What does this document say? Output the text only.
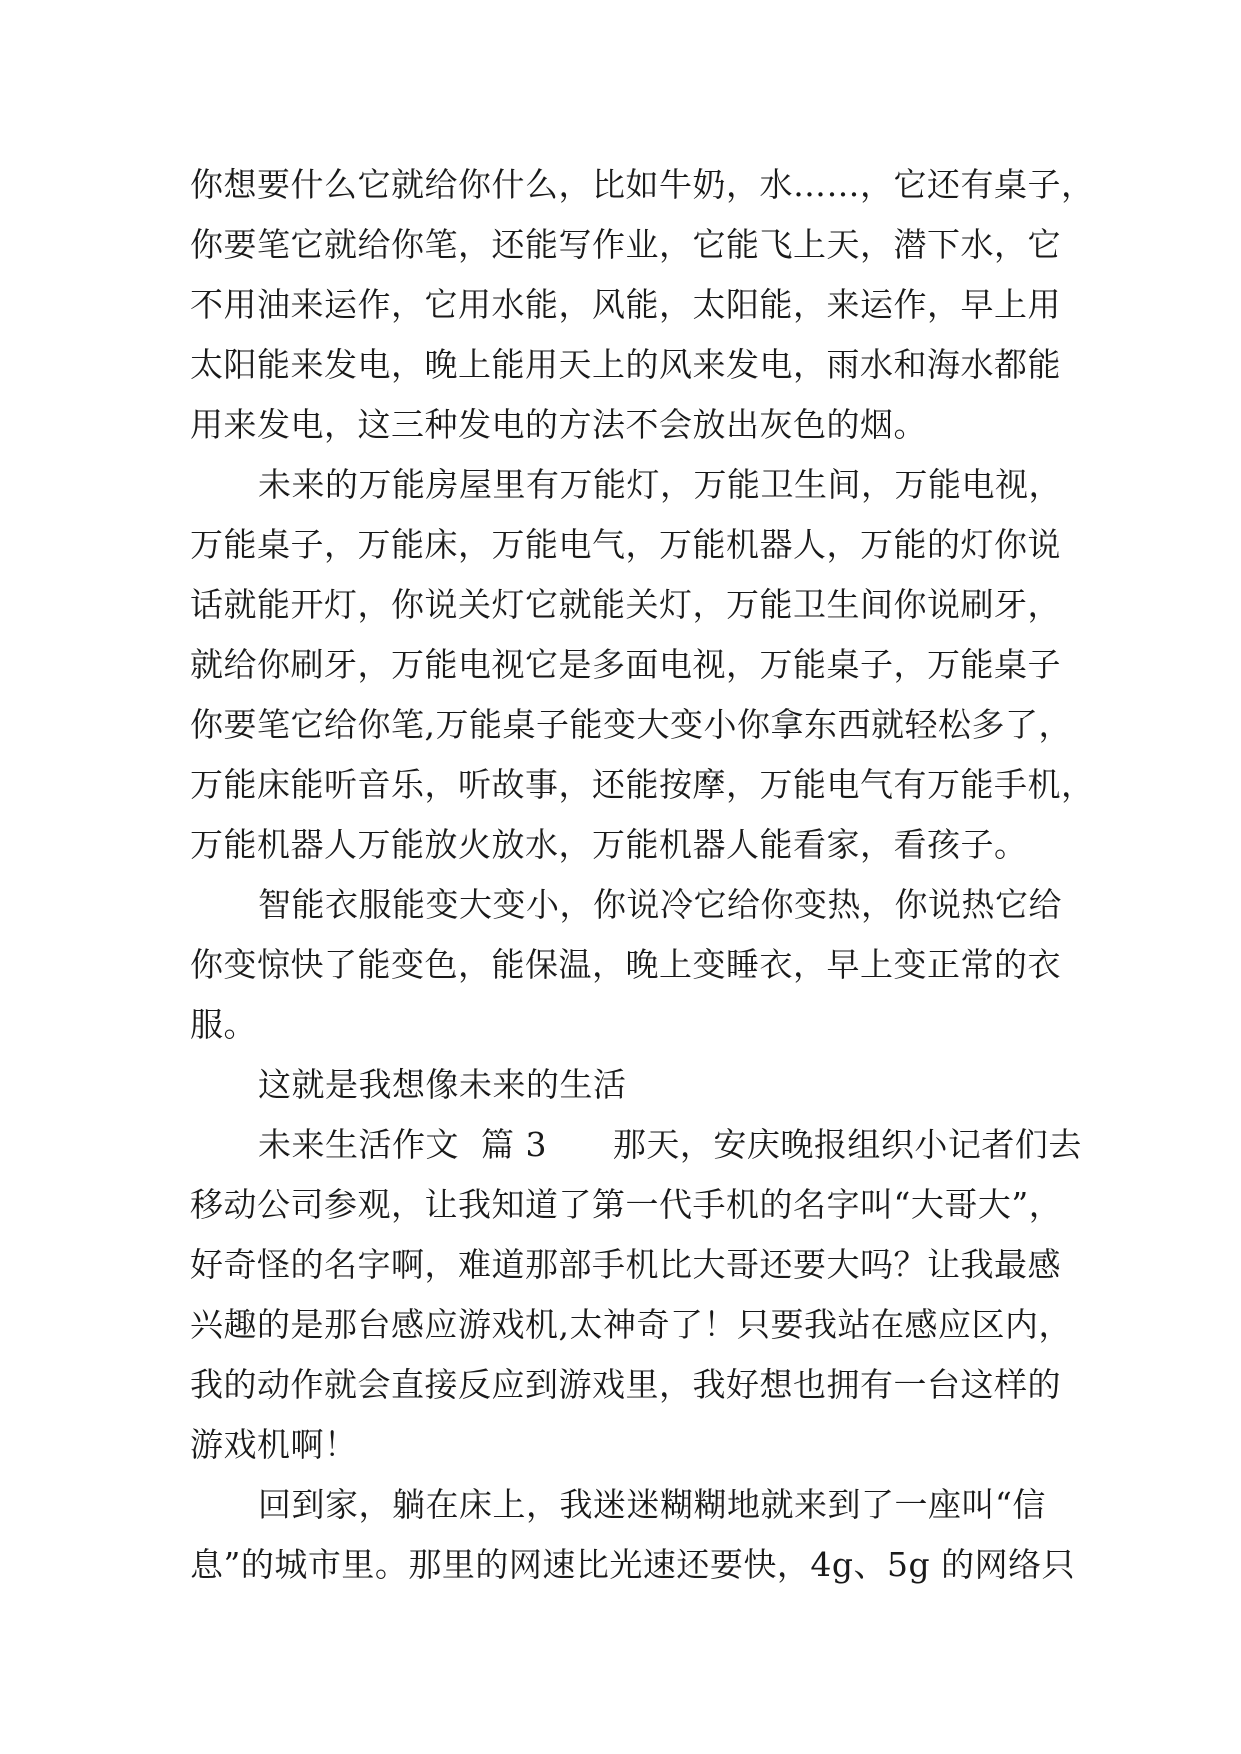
你想要什么它就给你什么，比如牛奶，水……，它还有桌子，
你要笔它就给你笔，还能写作业，它能飞上天，潜下水，它
不用油来运作，它用水能，风能，太阳能，来运作，早上用
太阳能来发电，晚上能用天上的风来发电，雨水和海水都能
用来发电，这三种发电的方法不会放出灰色的烟。
未来的万能房屋里有万能灯，万能卫生间，万能电视，
万能桌子，万能床，万能电气，万能机器人，万能的灯你说
话就能开灯，你说关灯它就能关灯，万能卫生间你说刷牙，
就给你刷牙，万能电视它是多面电视，万能桌子，万能桌子
你要笔它给你笔,万能桌子能变大变小你拿东西就轻松多了，
万能床能听音乐，听故事，还能按摩，万能电气有万能手机，
万能机器人万能放火放水，万能机器人能看家，看孩子。
智能衣服能变大变小，你说冷它给你变热，你说热它给
你变惊快了能变色，能保温，晚上变睡衣，早上变正常的衣
服。
这就是我想像未来的生活
未来生活作文  篇 3      那天，安庆晚报组织小记者们去
移动公司参观，让我知道了第一代手机的名字叫“大哥大”，
好奇怪的名字啊，难道那部手机比大哥还要大吗？让我最感
兴趣的是那台感应游戏机,太神奇了！只要我站在感应区内，
我的动作就会直接反应到游戏里，我好想也拥有一台这样的
游戏机啊！
回到家，躺在床上，我迷迷糊糊地就来到了一座叫“信
息”的城市里。那里的网速比光速还要快，4g、5g 的网络只
